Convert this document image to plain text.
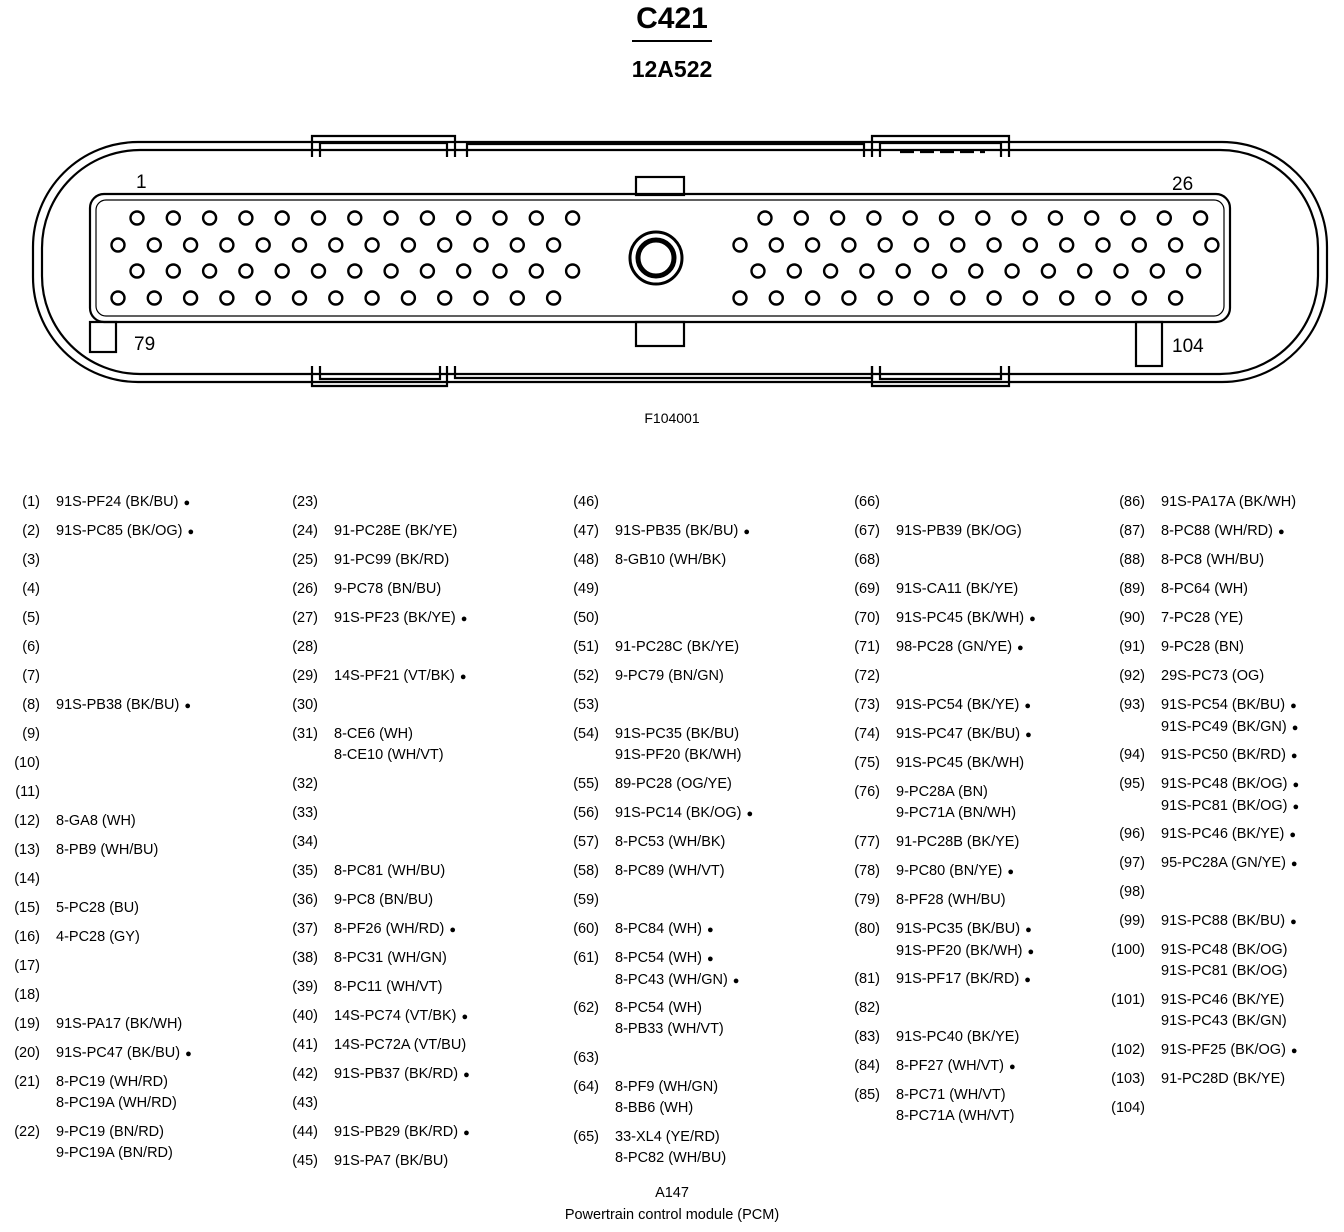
C421
12A522
1	26
79	104
F104001
(1) 91S-PF24 (BK/BU) ●
(2) 91S-PC85 (BK/OG) ●
(3)
(4)
(5)
(6)
(7)
(8) 91S-PB38 (BK/BU) ●
(9)
(10)
(11)
(12) 8-GA8 (WH)
(13) 8-PB9 (WH/BU)
(14)
(15) 5-PC28 (BU)
(16) 4-PC28 (GY)
(17)
(18)
(19) 91S-PA17 (BK/WH)
(20) 91S-PC47 (BK/BU) ●
(21) 8-PC19 (WH/RD)
8-PC19A (WH/RD)
(22) 9-PC19 (BN/RD)
9-PC19A (BN/RD)
(23)
(24) 91-PC28E (BK/YE)
(25) 91-PC99 (BK/RD)
(26) 9-PC78 (BN/BU)
(27) 91S-PF23 (BK/YE) ●
(28)
(29) 14S-PF21 (VT/BK) ●
(30)
(31) 8-CE6 (WH)
8-CE10 (WH/VT)
(32)
(33)
(34)
(35) 8-PC81 (WH/BU)
(36) 9-PC8 (BN/BU)
(37) 8-PF26 (WH/RD) ●
(38) 8-PC31 (WH/GN)
(39) 8-PC11 (WH/VT)
(40) 14S-PC74 (VT/BK) ●
(41) 14S-PC72A (VT/BU)
(42) 91S-PB37 (BK/RD) ●
(43)
(44) 91S-PB29 (BK/RD) ●
(45) 91S-PA7 (BK/BU)
(46)
(47) 91S-PB35 (BK/BU) ●
(48) 8-GB10 (WH/BK)
(49)
(50)
(51) 91-PC28C (BK/YE)
(52) 9-PC79 (BN/GN)
(53)
(54) 91S-PC35 (BK/BU)
91S-PF20 (BK/WH)
(55) 89-PC28 (OG/YE)
(56) 91S-PC14 (BK/OG) ●
(57) 8-PC53 (WH/BK)
(58) 8-PC89 (WH/VT)
(59)
(60) 8-PC84 (WH) ●
(61) 8-PC54 (WH) ●
8-PC43 (WH/GN) ●
(62) 8-PC54 (WH)
8-PB33 (WH/VT)
(63)
(64) 8-PF9 (WH/GN)
8-BB6 (WH)
(65) 33-XL4 (YE/RD)
8-PC82 (WH/BU)
(66)
(67) 91S-PB39 (BK/OG)
(68)
(69) 91S-CA11 (BK/YE)
(70) 91S-PC45 (BK/WH) ●
(71) 98-PC28 (GN/YE) ●
(72)
(73) 91S-PC54 (BK/YE) ●
(74) 91S-PC47 (BK/BU) ●
(75) 91S-PC45 (BK/WH)
(76) 9-PC28A (BN)
9-PC71A (BN/WH)
(77) 91-PC28B (BK/YE)
(78) 9-PC80 (BN/YE) ●
(79) 8-PF28 (WH/BU)
(80) 91S-PC35 (BK/BU) ●
91S-PF20 (BK/WH) ●
(81) 91S-PF17 (BK/RD) ●
(82)
(83) 91S-PC40 (BK/YE)
(84) 8-PF27 (WH/VT) ●
(85) 8-PC71 (WH/VT)
8-PC71A (WH/VT)
(86) 91S-PA17A (BK/WH)
(87) 8-PC88 (WH/RD) ●
(88) 8-PC8 (WH/BU)
(89) 8-PC64 (WH)
(90) 7-PC28 (YE)
(91) 9-PC28 (BN)
(92) 29S-PC73 (OG)
(93) 91S-PC54 (BK/BU) ●
91S-PC49 (BK/GN) ●
(94) 91S-PC50 (BK/RD) ●
(95) 91S-PC48 (BK/OG) ●
91S-PC81 (BK/OG) ●
(96) 91S-PC46 (BK/YE) ●
(97) 95-PC28A (GN/YE) ●
(98)
(99) 91S-PC88 (BK/BU) ●
(100) 91S-PC48 (BK/OG)
91S-PC81 (BK/OG)
(101) 91S-PC46 (BK/YE)
91S-PC43 (BK/GN)
(102) 91S-PF25 (BK/OG) ●
(103) 91-PC28D (BK/YE)
(104)
A147
Powertrain control module (PCM)
